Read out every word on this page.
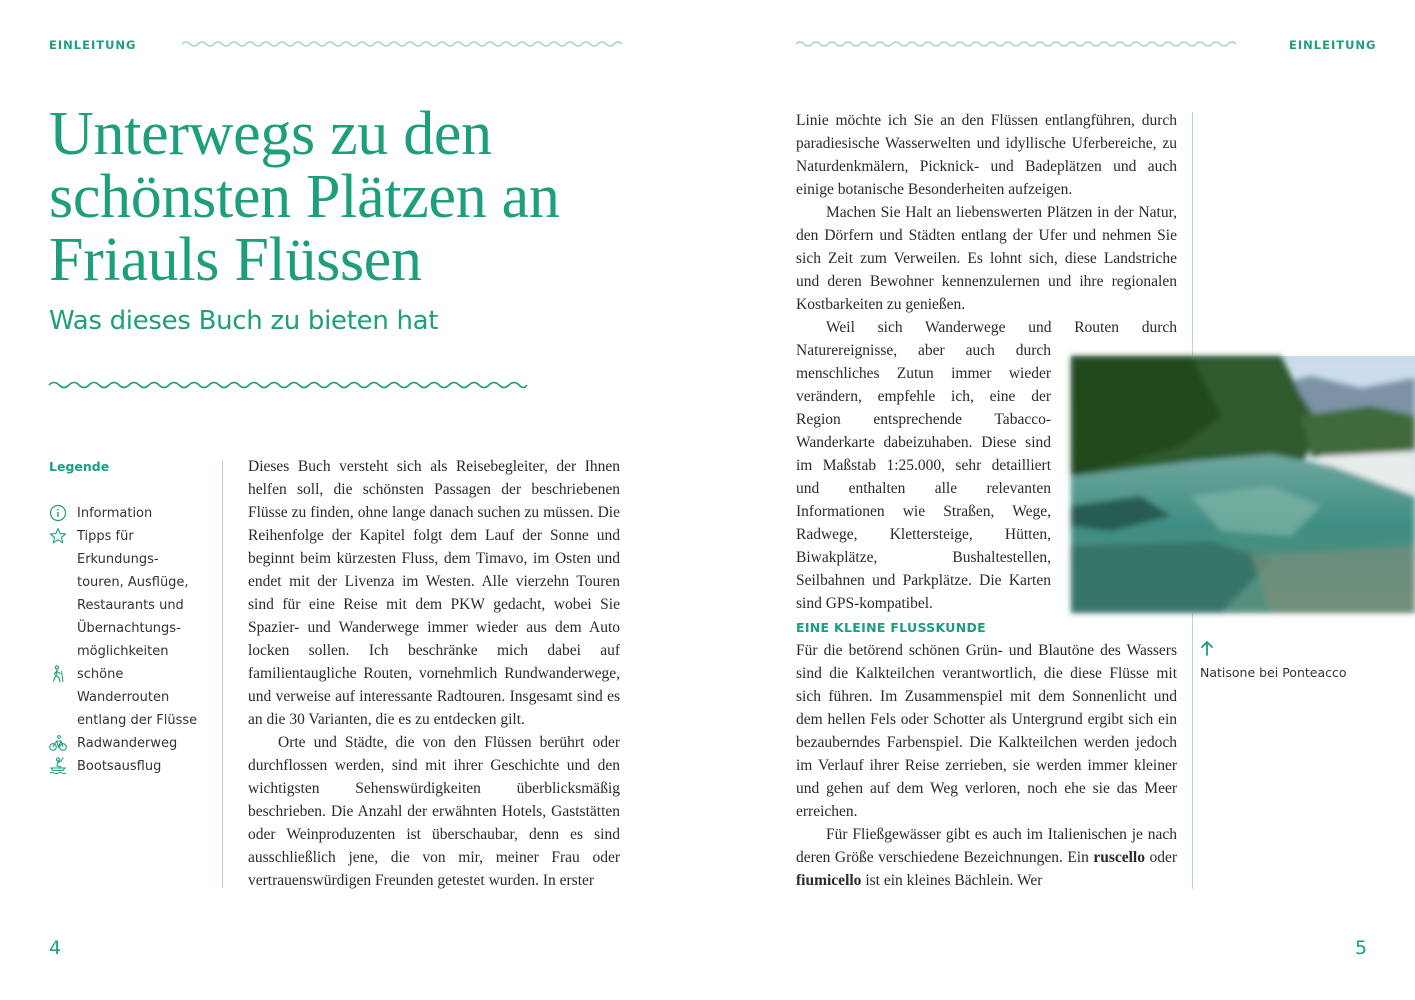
EINLEITUNG
Unterwegs zu den
schönsten Plätzen an
Friauls Flüssen
Was dieses Buch zu bieten hat
Legende
Information
Tipps für Erkundungs-
touren, Ausflüge,
Restaurants und
Übernachtungs-
möglichkeiten
schöne Wanderrouten
entlang der Flüsse
Radwanderweg
Bootsausflug

Dieses Buch versteht sich als Reisebegleiter, der Ihnen helfen soll, die schönsten Passagen der beschriebenen Flüsse zu finden, ohne lange danach suchen zu müssen. Die Reihenfolge der Kapitel folgt dem Lauf der Sonne und beginnt beim kürzesten Fluss, dem Timavo, im Osten und endet mit der Livenza im Westen. Alle vierzehn Touren sind für eine Reise mit dem PKW gedacht, wobei Sie Spazier- und Wanderwege immer wieder aus dem Auto locken sollen. Ich beschränke mich dabei auf familientaugliche Routen, vornehmlich Rundwanderwege, und verweise auf interessante Radtouren. Insgesamt sind es an die 30 Varianten, die es zu entdecken gilt.

Orte und Städte, die von den Flüssen berührt oder durchflossen werden, sind mit ihrer Geschichte und den wichtigsten Sehenswürdigkeiten überblicksmäßig beschrieben. Die Anzahl der erwähnten Hotels, Gaststätten oder Weinproduzenten ist überschaubar, denn es sind ausschließlich jene, die von mir, meiner Frau oder vertrauenswürdigen Freunden getestet wurden. In erster

4
EINLEITUNG

Linie möchte ich Sie an den Flüssen entlangführen, durch paradiesische Wasserwelten und idyllische Uferbereiche, zu Naturdenkmälern, Picknick- und Badeplätzen und auch einige botanische Besonderheiten aufzeigen.

Machen Sie Halt an liebenswerten Plätzen in der Natur, den Dörfern und Städten entlang der Ufer und nehmen Sie sich Zeit zum Verweilen. Es lohnt sich, diese Landstriche und deren Bewohner kennenzulernen und ihre regionalen Kostbarkeiten zu genießen.

Weil sich Wanderwege und Routen durch Naturereignisse, aber auch durch menschliches Zutun immer wieder verändern, empfehle ich, eine der Region entsprechende Tabacco-Wanderkarte dabeizuhaben. Diese sind im Maßstab 1:25.000, sehr detailliert und enthalten alle relevanten Informationen wie Straßen, Wege, Radwege, Klettersteige, Hütten, Biwakplätze, Bushaltestellen, Seilbahnen und Parkplätze. Die Karten sind GPS-kompatibel.

EINE KLEINE FLUSSKUNDE

Für die betörend schönen Grün- und Blautöne des Wassers sind die Kalkteilchen verantwortlich, die diese Flüsse mit sich führen. Im Zusammenspiel mit dem Sonnenlicht und dem hellen Fels oder Schotter als Untergrund ergibt sich ein bezauberndes Farbenspiel. Die Kalkteilchen werden jedoch im Verlauf ihrer Reise zerrieben, sie werden immer kleiner und gehen auf dem Weg verloren, noch ehe sie das Meer erreichen.

Für Fließgewässer gibt es auch im Italienischen je nach deren Größe verschiedene Bezeichnungen. Ein ruscello oder fiumicello ist ein kleines Bächlein. Wer

Natisone bei Ponteacco
5
